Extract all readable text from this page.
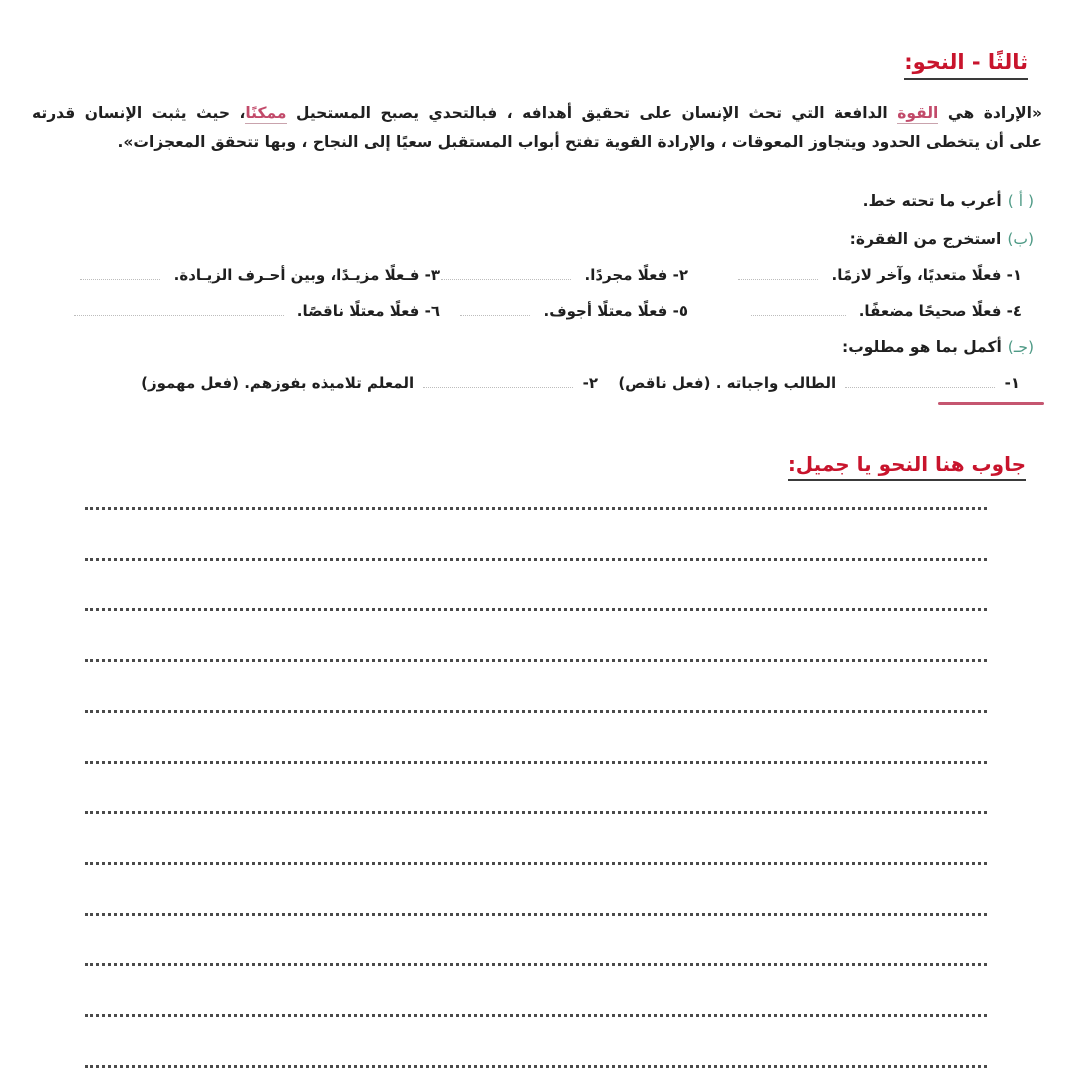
ثالثًا - النحو:
«الإرادة هي القوة الدافعة التي تحث الإنسان على تحقيق أهدافه ، فبالتحدي يصبح المستحيل ممكنًا، حيث يثبت الإنسان قدرته
على أن يتخطى الحدود ويتجاوز المعوقات ، والإرادة القوية تفتح أبواب المستقبل سعيًا إلى النجاح ، وبها تتحقق المعجزات».
( أ )أعرب ما تحته خط.
(ب)استخرج من الفقرة:
١- فعلًا متعديًا، وآخر لازمًا.
٢- فعلًا مجردًا.
٣- فـعلًا مزيـدًا، وبين أحـرف الزيـادة.
٤- فعلًا صحيحًا مضعفًا.
٥- فعلًا معتلًا أجوف.
٦- فعلًا معتلًا ناقصًا.
(جـ)أكمل بما هو مطلوب:
١-  الطالب واجباته . (فعل ناقص)
٢-  المعلم تلاميذه بفوزهم. (فعل مهموز)
جاوب هنا النحو يا جميل:
